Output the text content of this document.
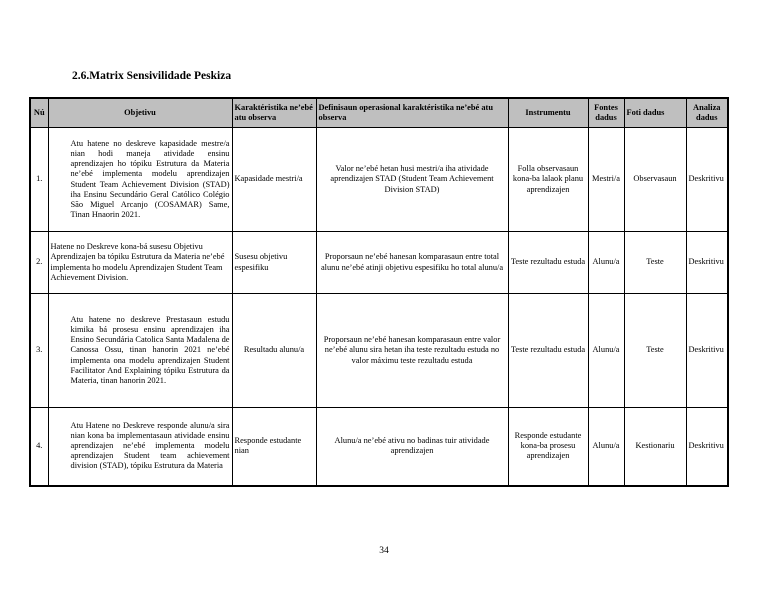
2.6.Matrix Sensivilidade Peskiza
Nú	Objetivu	Karaktéristika ne’ebé atu observa	Definisaun operasional karaktéristika ne’ebé atu observa	Instrumentu	Fontes dadus	Foti dadus	Analiza dadus
1.	Atu hatene no deskreve kapasidade mestre/a nian hodi maneja atividade ensinu aprendizajen ho tópiku Estrutura da Materia ne’ebé implementa modelu aprendizajen Student Team Achievement Division (STAD) iha Ensinu Secundário Geral Católico Colégio São Miguel Arcanjo (COSAMAR) Same, Tinan Hnaorin 2021.	Kapasidade mestri/a	Valor ne’ebé hetan husi mestri/a iha atividade aprendizajen STAD (Student Team Achievement Division STAD)	Folla observasaun kona-ba lalaok planu aprendizajen	Mestri/a	Observasaun	Deskritivu
2.	Hatene no Deskreve kona-bá susesu Objetivu Aprendizajen ba tópiku Estrutura da Materia ne’ebé implementa ho modelu Aprendizajen Student Team Achievement Division.	Susesu objetivu espesifiku	Proporsaun ne’ebé hanesan komparasaun entre total alunu ne’ebé atinji objetivu espesifiku ho total alunu/a	Teste rezultadu estuda	Alunu/a	Teste	Deskritivu
3.	Atu hatene no deskreve Prestasaun estudu kimika bá prosesu ensinu aprendizajen iha Ensino Secundária Catolica Santa Madalena de Canossa Ossu, tinan hanorin 2021 ne’ebé implementa ona modelu aprendizajen Student Facilitator And Explaining tópiku Estrutura da Materia, tinan hanorin 2021.	Resultadu alunu/a	Proporsaun ne’ebé hanesan komparasaun entre valor ne’ebé alunu sira hetan iha teste rezultadu estuda no valor máximu teste rezultadu estuda	Teste rezultadu estuda	Alunu/a	Teste	Deskritivu
4.	Atu Hatene no Deskreve responde alunu/a sira nian kona ba implementasaun atividade ensinu aprendizajen ne’ebé implementa modelu aprendizajen Student team achievement division (STAD), tópiku Estrutura da Materia	Responde estudante nian	Alunu/a ne’ebé ativu no badinas tuir atividade aprendizajen	Responde estudante kona-ba prosesu aprendizajen	Alunu/a	Kestionariu	Deskritivu
34
